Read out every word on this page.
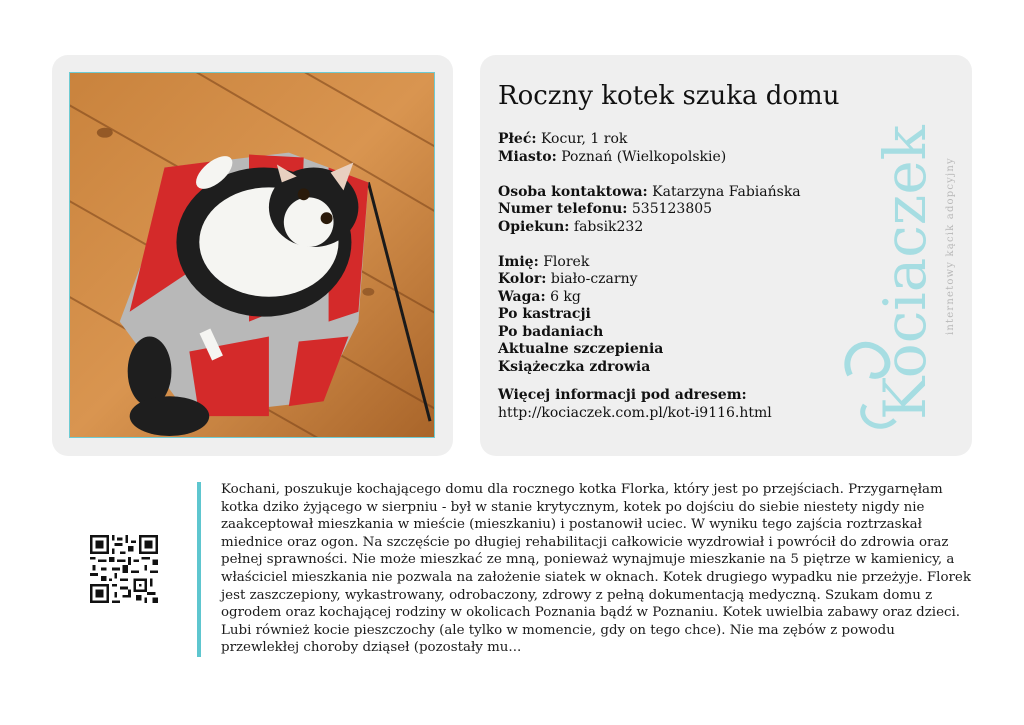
Roczny kotek szuka domu
Płeć: Kocur, 1 rok
Miasto: Poznań (Wielkopolskie)
Osoba kontaktowa: Katarzyna Fabiańska
Numer telefonu: 535123805
Opiekun: fabsik232
Imię: Florek
Kolor: biało-czarny
Waga: 6 kg
Po kastracji
Po badaniach
Aktualne szczepienia
Książeczka zdrowia
Więcej informacji pod adresem:
http://kociaczek.com.pl/kot-i9116.html	Kociaczek internetowy kącik adopcyjny

Kochani, poszukuje kochającego domu dla rocznego kotka Florka, który jest po przejściach. Przygarnęłam kotka dziko żyjącego w sierpniu - był w stanie krytycznym, kotek po dojściu do siebie niestety nigdy nie zaakceptował mieszkania w mieście (mieszkaniu) i postanowił uciec. W wyniku tego zajścia roztrzaskał miednice oraz ogon. Na szczęście po długiej rehabilitacji całkowicie wyzdrowiał i powrócił do zdrowia oraz pełnej sprawności. Nie może mieszkać ze mną, ponieważ wynajmuje mieszkanie na 5 piętrze w kamienicy, a właściciel mieszkania nie pozwala na założenie siatek w oknach. Kotek drugiego wypadku nie przeżyje. Florek jest zaszczepiony, wykastrowany, odrobaczony, zdrowy z pełną dokumentacją medyczną. Szukam domu z ogrodem oraz kochającej rodziny w okolicach Poznania bądź w Poznaniu. Kotek uwielbia zabawy oraz dzieci. Lubi również kocie pieszczochy (ale tylko w momencie, gdy on tego chce). Nie ma zębów z powodu przewlekłej choroby dziąseł (pozostały mu...
